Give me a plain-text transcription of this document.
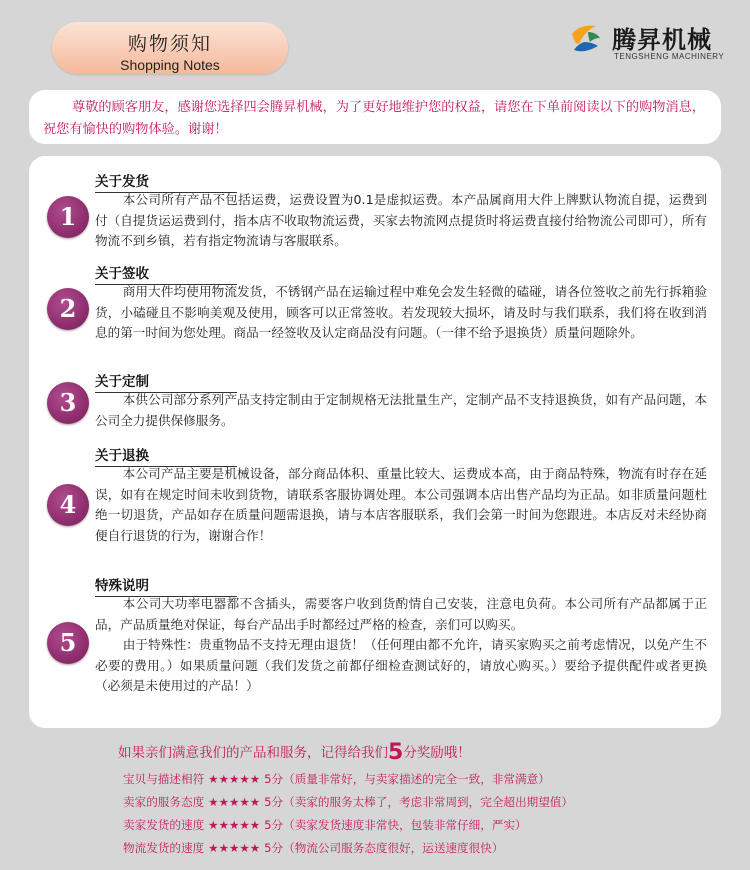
购物须知
Shopping Notes
腾昇机械
TENGSHENG MACHINERY

尊敬的顾客朋友，感谢您选择四会腾昇机械，为了更好地维护您的权益，请您在下单前阅读以下的购物消息，祝您有愉快的购物体验。谢谢！

1
关于发货

本公司所有产品不包括运费，运费设置为0.1是虚拟运费。本产品属商用大件上牌默认物流自提，运费到付（自提货运运费到付，指本店不收取物流运费，买家去物流网点提货时将运费直接付给物流公司即可），所有物流不到乡镇，若有指定物流请与客服联系。

2
关于签收

商用大件均使用物流发货，不锈钢产品在运输过程中难免会发生轻微的磕碰，请各位签收之前先行拆箱验货，小磕碰且不影响美观及使用，顾客可以正常签收。若发现较大损坏，请及时与我们联系，我们将在收到消息的第一时间为您处理。商品一经签收及认定商品没有问题。（一律不给予退换货）质量问题除外。

3
关于定制

本供公司部分系列产品支持定制由于定制规格无法批量生产，定制产品不支持退换货，如有产品问题，本公司全力提供保修服务。

4
关于退换

本公司产品主要是机械设备，部分商品体积、重量比较大、运费成本高，由于商品特殊，物流有时存在延误，如有在规定时间未收到货物，请联系客服协调处理。本公司强调本店出售产品均为正品。如非质量问题杜绝一切退货，产品如存在质量问题需退换，请与本店客服联系，我们会第一时间为您跟进。本店反对未经协商便自行退货的行为，谢谢合作！

5
特殊说明

本公司大功率电器都不含插头，需要客户收到货酌情自己安装，注意电负荷。本公司所有产品都属于正品，产品质量绝对保证，每台产品出手时都经过严格的检查，亲们可以购买。

由于特殊性：贵重物品不支持无理由退货！（任何理由都不允许，请买家购买之前考虑情况，以免产生不必要的费用。）如果质量问题（我们发货之前都仔细检查测试好的，请放心购买。）要给予提供配件或者更换（必须是未使用过的产品！）

如果亲们满意我们的产品和服务，记得给我们5分奖励哦！
宝贝与描述相符 ★★★★★ 5分（质量非常好，与卖家描述的完全一致，非常满意）
卖家的服务态度 ★★★★★ 5分（卖家的服务太棒了，考虑非常周到，完全超出期望值）
卖家发货的速度 ★★★★★ 5分（卖家发货速度非常快，包装非常仔细，严实）
物流发货的速度 ★★★★★ 5分（物流公司服务态度很好，运送速度很快）
